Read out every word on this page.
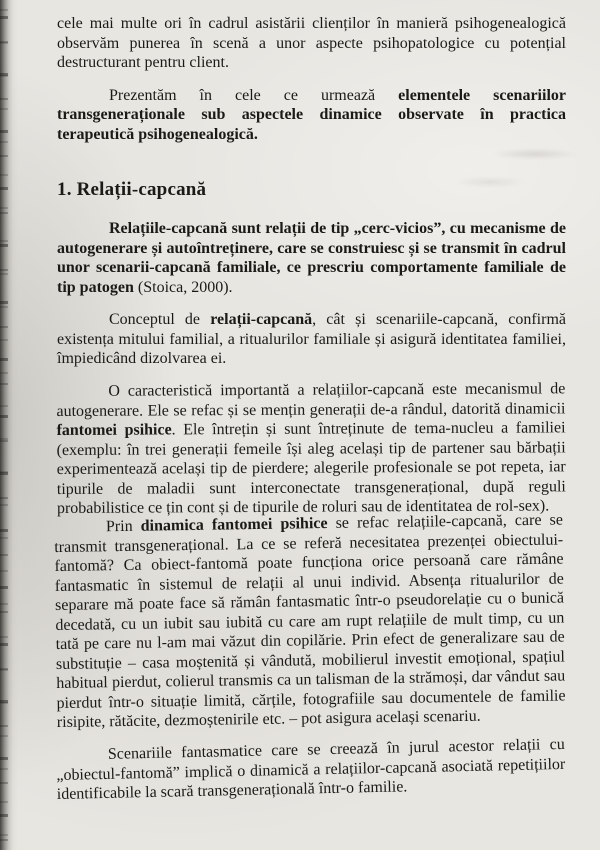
cele mai multe ori în cadrul asistării clienților în manieră psihogenealogică observăm punerea în scenă a unor aspecte psihopatologice cu potențial destructurant pentru client.

Prezentăm în cele ce urmează elementele scenariilor transgeneraționale sub aspectele dinamice observate în practica terapeutică psihogenealogică.

1. Relații-capcană

Relațiile-capcană sunt relații de tip „cerc-vicios”, cu mecanisme de autogenerare și autoîntreținere, care se construiesc și se transmit în cadrul unor scenarii-capcană familiale, ce prescriu comportamente familiale de tip patogen (Stoica, 2000).

Conceptul de relații-capcană, cât și scenariile-capcană, confirmă existența mitului familial, a ritualurilor familiale și asigură identitatea familiei, împiedicând dizolvarea ei.

O caracteristică importantă a relațiilor-capcană este mecanismul de autogenerare. Ele se refac și se mențin generații de-a rândul, datorită dinamicii fantomei psihice. Ele întrețin și sunt întreținute de tema-nucleu a familiei (exemplu: în trei generații femeile își aleg același tip de partener sau bărbații experimentează același tip de pierdere; alegerile profesionale se pot repeta, iar tipurile de maladii sunt interconectate transgenerațional, după reguli probabilistice ce țin cont și de tipurile de roluri sau de identitatea de rol-sex).

Prin dinamica fantomei psihice se refac relațiile-capcană, care se transmit transgenerațional. La ce se referă necesitatea prezenței obiectului-fantomă? Ca obiect-fantomă poate funcționa orice persoană care rămâne fantasmatic în sistemul de relații al unui individ. Absența ritualurilor de separare mă poate face să rămân fantasmatic într-o pseudorelație cu o bunică decedată, cu un iubit sau iubită cu care am rupt relațiile de mult timp, cu un tată pe care nu l-am mai văzut din copilărie. Prin efect de generalizare sau de substituție – casa moștenită și vândută, mobilierul investit emoțional, spațiul habitual pierdut, colierul transmis ca un talisman de la strămoși, dar vândut sau pierdut într-o situație limită, cărțile, fotografiile sau documentele de familie risipite, rătăcite, dezmoștenirile etc. – pot asigura același scenariu.

Scenariile fantasmatice care se creează în jurul acestor relații cu „obiectul-fantomă” implică o dinamică a relațiilor-capcană asociată repetițiilor identificabile la scară transgenerațională într-o familie.
